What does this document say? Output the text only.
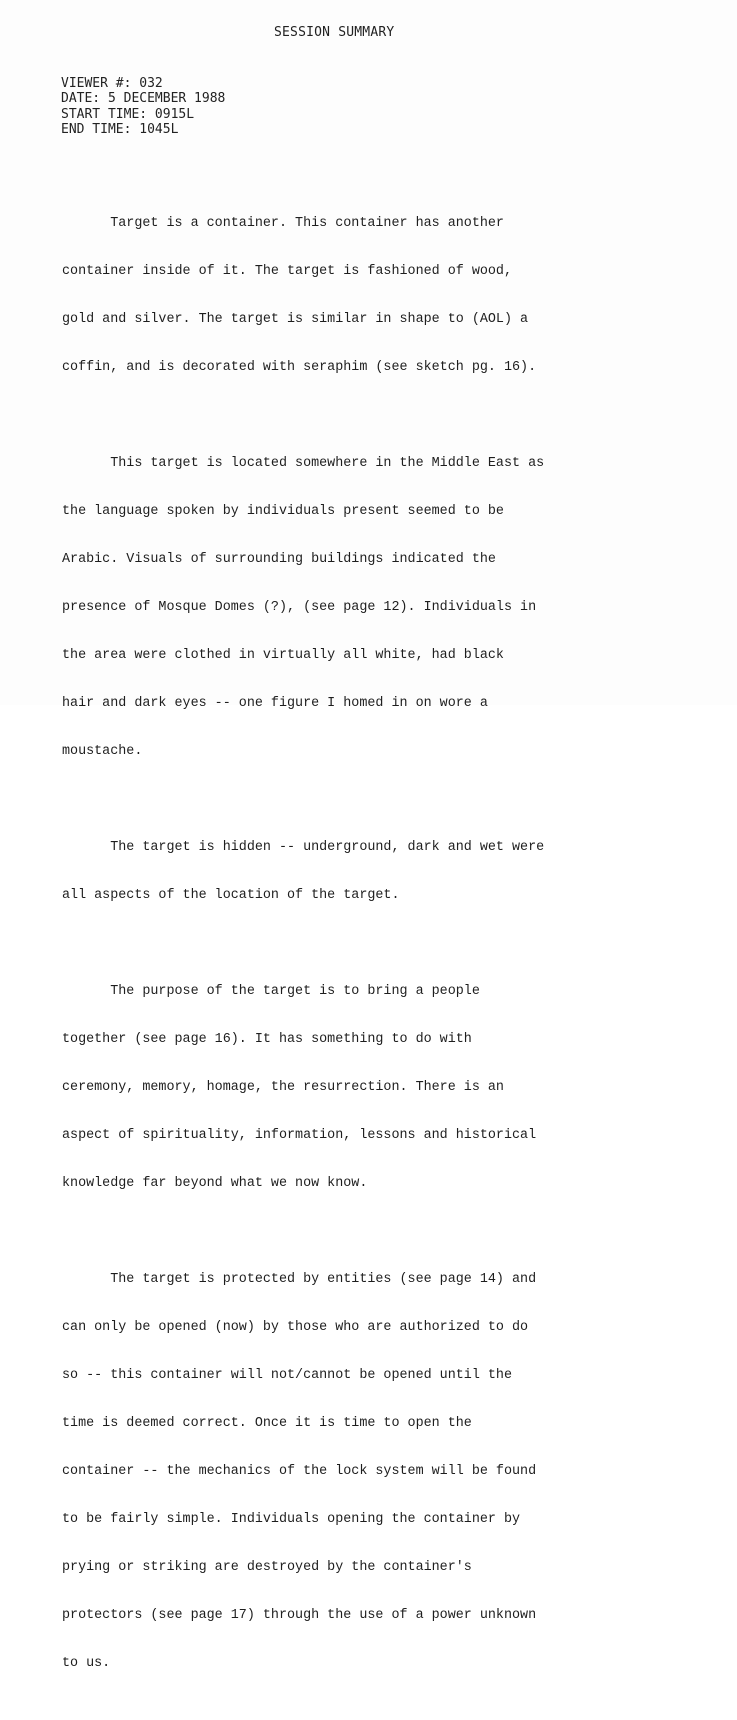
SESSION SUMMARY
VIEWER #: 032
DATE: 5 DECEMBER 1988
START TIME: 0915L
END TIME: 1045L

Target is a container. This container has another

container inside of it. The target is fashioned of wood,

gold and silver. The target is similar in shape to (AOL) a

coffin, and is decorated with seraphim (see sketch pg. 16).

This target is located somewhere in the Middle East as

the language spoken by individuals present seemed to be

Arabic. Visuals of surrounding buildings indicated the

presence of Mosque Domes (?), (see page 12). Individuals in

the area were clothed in virtually all white, had black

hair and dark eyes -- one figure I homed in on wore a

moustache.

The target is hidden -- underground, dark and wet were

all aspects of the location of the target.

The purpose of the target is to bring a people

together (see page 16). It has something to do with

ceremony, memory, homage, the resurrection. There is an

aspect of spirituality, information, lessons and historical

knowledge far beyond what we now know.

The target is protected by entities (see page 14) and

can only be opened (now) by those who are authorized to do

so -- this container will not/cannot be opened until the

time is deemed correct. Once it is time to open the

container -- the mechanics of the lock system will be found

to be fairly simple. Individuals opening the container by

prying or striking are destroyed by the container's

protectors (see page 17) through the use of a power unknown

to us.
